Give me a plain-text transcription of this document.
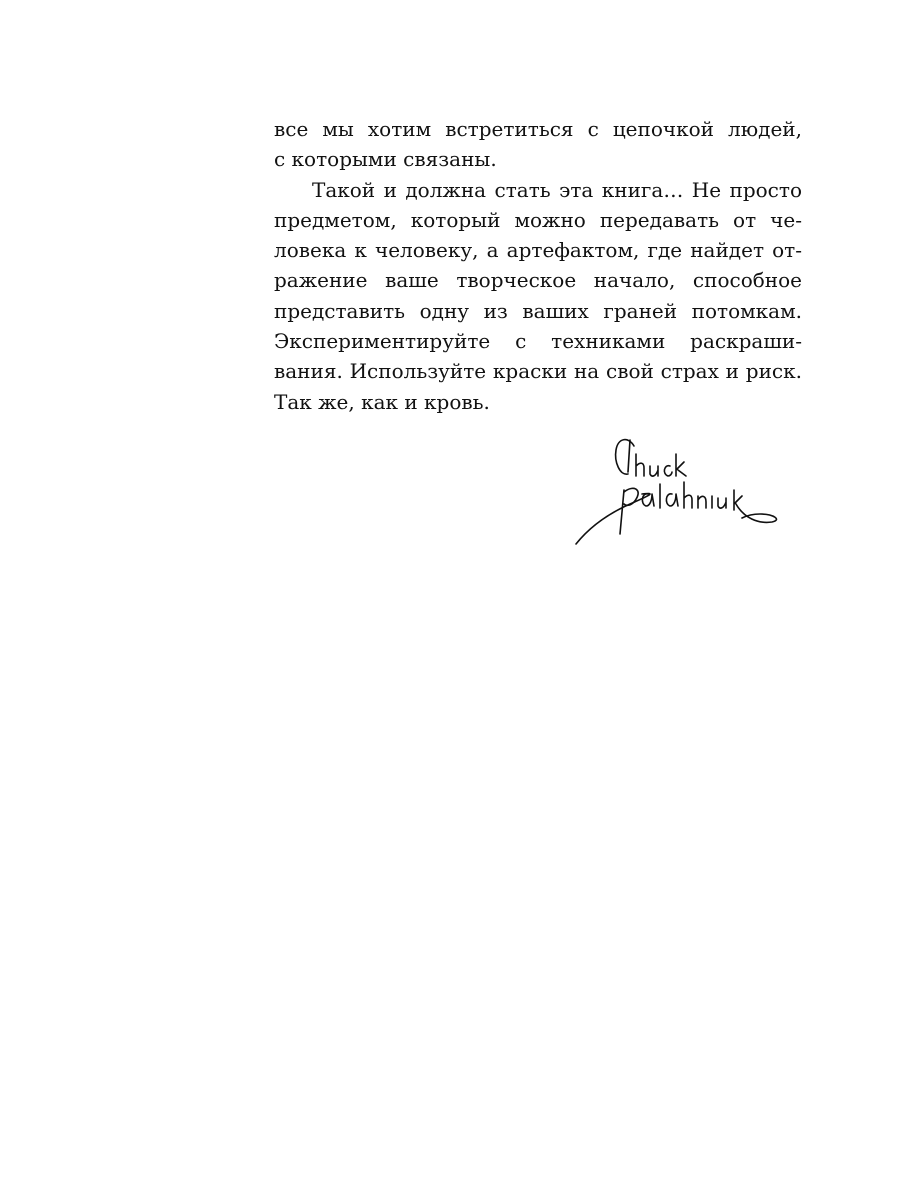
все мы хотим встретиться с цепочкой людей,
с которыми связаны.

Такой и должна стать эта книга… Не просто
предметом, который можно передавать от че-
ловека к человеку, а артефактом, где найдет от-
ражение ваше творческое начало, способное
представить одну из ваших граней потомкам.
Экспериментируйте с техниками раскраши-
вания. Используйте краски на свой страх и риск.
Так же, как и кровь.
